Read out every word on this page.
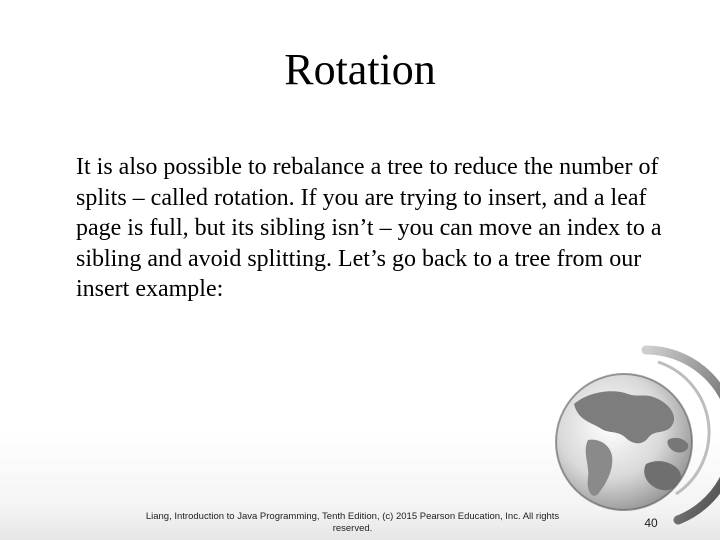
Rotation
It is also possible to rebalance a tree to reduce the number of splits – called rotation. If you are trying to insert, and a leaf page is full, but its sibling isn’t – you can move an index to a sibling and avoid splitting. Let’s go back to a tree from our insert example:
Liang, Introduction to Java Programming, Tenth Edition, (c) 2015 Pearson Education, Inc. All rights reserved.	40
